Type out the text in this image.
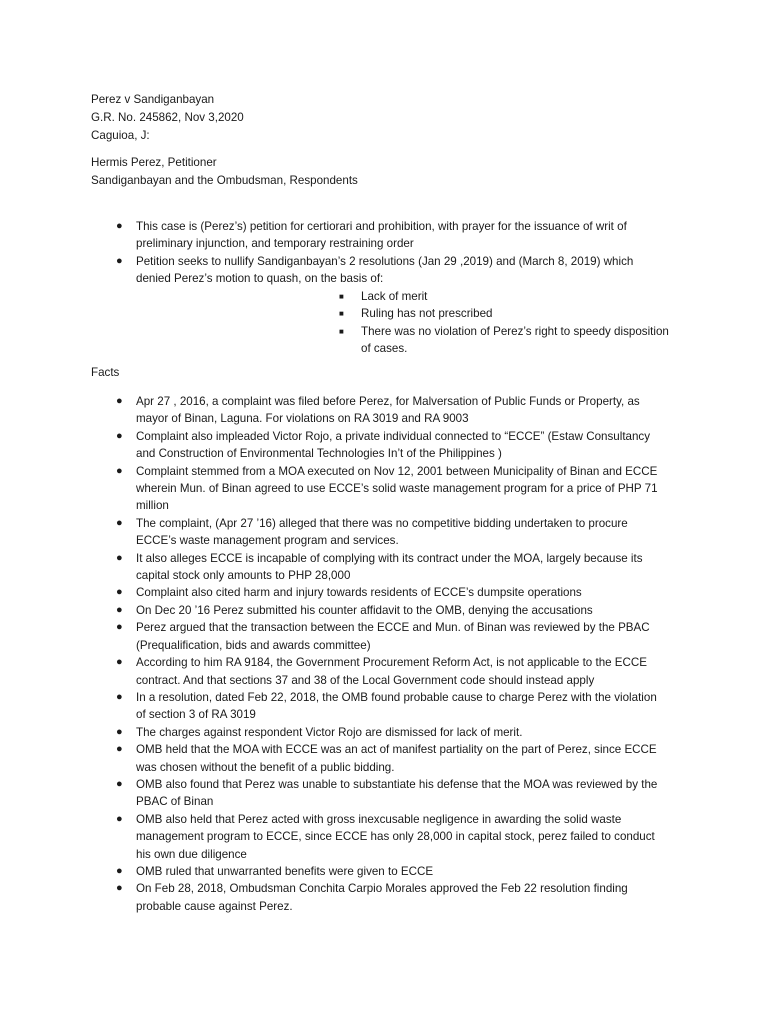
Perez v Sandiganbayan
G.R. No. 245862, Nov 3,2020
Caguioa, J:
Hermis Perez, Petitioner
Sandiganbayan and the Ombudsman, Respondents
● This case is (Perez’s) petition for certiorari and prohibition, with prayer for the issuance of writ of preliminary injunction, and temporary restraining order
● Petition seeks to nullify Sandiganbayan’s 2 resolutions (Jan 29 ,2019) and (March 8, 2019) which denied Perez’s motion to quash, on the basis of:
■ Lack of merit
■ Ruling has not prescribed
■ There was no violation of Perez’s right to speedy disposition of cases.
Facts
● Apr 27 , 2016, a complaint was filed before Perez, for Malversation of Public Funds or Property, as mayor of Binan, Laguna. For violations on RA 3019 and RA 9003
● Complaint also impleaded Victor Rojo, a private individual connected to “ECCE” (Estaw Consultancy and Construction of Environmental Technologies In’t of the Philippines )
● Complaint stemmed from a MOA executed on Nov 12, 2001 between Municipality of Binan and ECCE wherein Mun. of Binan agreed to use ECCE’s solid waste management program for a price of PHP 71 million
● The complaint, (Apr 27 ’16) alleged that there was no competitive bidding undertaken to procure ECCE’s waste management program and services.
● It also alleges ECCE is incapable of complying with its contract under the MOA, largely because its capital stock only amounts to PHP 28,000
● Complaint also cited harm and injury towards residents of ECCE’s dumpsite operations
● On Dec 20 ’16 Perez submitted his counter affidavit to the OMB, denying the accusations
● Perez argued that the transaction between the ECCE and Mun. of Binan was reviewed by the PBAC (Prequalification, bids and awards committee)
● According to him RA 9184, the Government Procurement Reform Act, is not applicable to the ECCE contract. And that sections 37 and 38 of the Local Government code should instead apply
● In a resolution, dated Feb 22, 2018, the OMB found probable cause to charge Perez with the violation of section 3 of RA 3019
● The charges against respondent Victor Rojo are dismissed for lack of merit.
● OMB held that the MOA with ECCE was an act of manifest partiality on the part of Perez, since ECCE was chosen without the benefit of a public bidding.
● OMB also found that Perez was unable to substantiate his defense that the MOA was reviewed by the PBAC of Binan
● OMB also held that Perez acted with gross inexcusable negligence in awarding the solid waste management program to ECCE, since ECCE has only 28,000 in capital stock, perez failed to conduct his own due diligence
● OMB ruled that unwarranted benefits were given to ECCE
● On Feb 28, 2018, Ombudsman Conchita Carpio Morales approved the Feb 22 resolution finding probable cause against Perez.
